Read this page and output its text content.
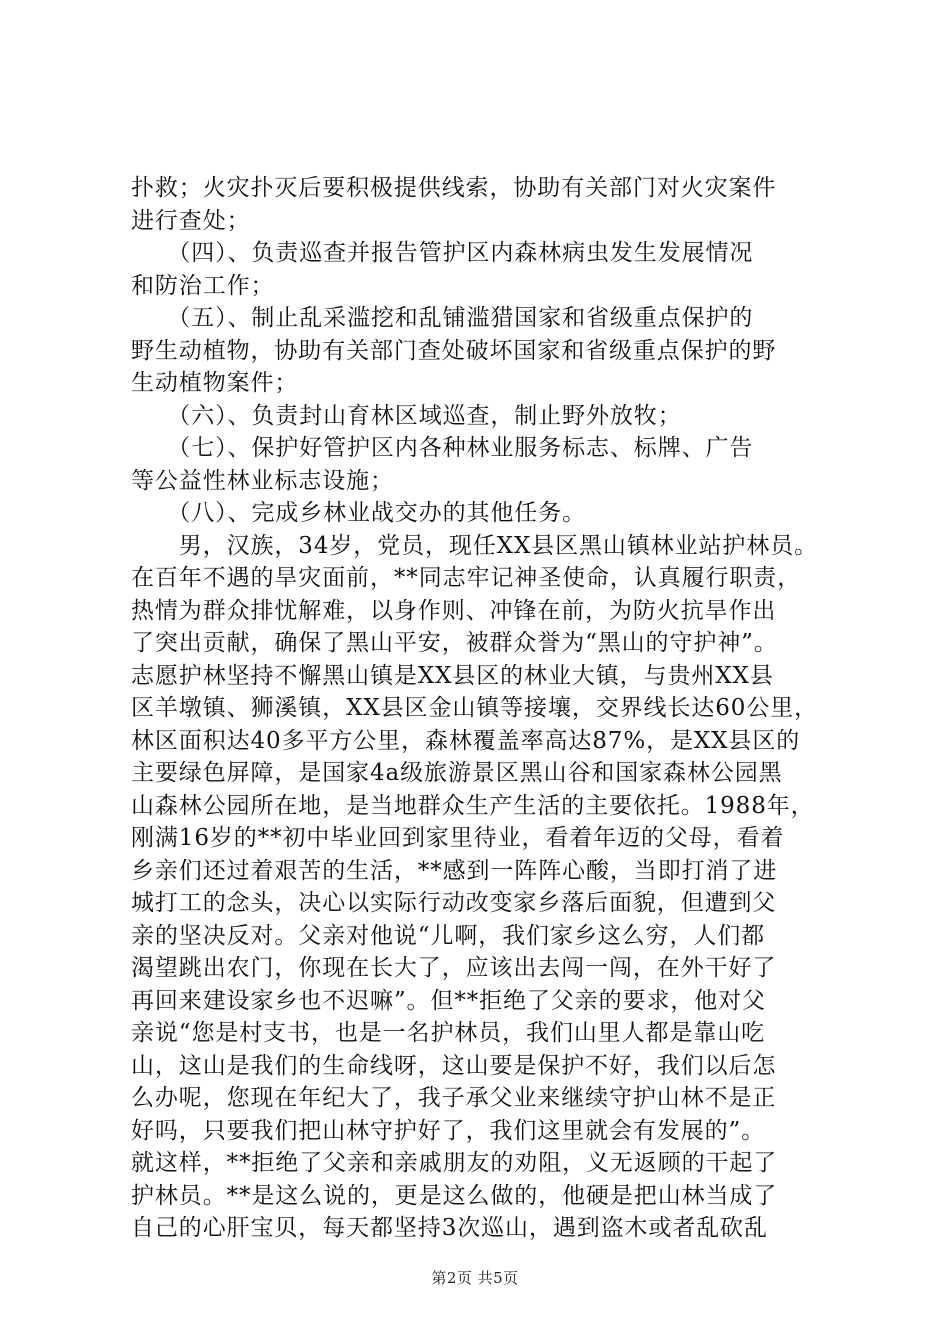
扑救；火灾扑灭后要积极提供线索，协助有关部门对火灾案件
进行查处；
　　（四）、负责巡查并报告管护区内森林病虫发生发展情况
和防治工作；
　　（五）、制止乱采滥挖和乱铺滥猎国家和省级重点保护的
野生动植物，协助有关部门查处破坏国家和省级重点保护的野
生动植物案件；
　　（六）、负责封山育林区域巡查，制止野外放牧；
　　（七）、保护好管护区内各种林业服务标志、标牌、广告
等公益性林业标志设施；
　　（八）、完成乡林业战交办的其他任务。
　　男，汉族，34岁，党员，现任XX县区黑山镇林业站护林员。
在百年不遇的旱灾面前，**同志牢记神圣使命，认真履行职责，
热情为群众排忧解难，以身作则、冲锋在前，为防火抗旱作出
了突出贡献，确保了黑山平安，被群众誉为“黑山的守护神”。
志愿护林坚持不懈黑山镇是XX县区的林业大镇，与贵州XX县
区羊墩镇、狮溪镇，XX县区金山镇等接壤，交界线长达60公里，
林区面积达40多平方公里，森林覆盖率高达87%，是XX县区的
主要绿色屏障，是国家4a级旅游景区黑山谷和国家森林公园黑
山森林公园所在地，是当地群众生产生活的主要依托。1988年，
刚满16岁的**初中毕业回到家里待业，看着年迈的父母，看着
乡亲们还过着艰苦的生活，**感到一阵阵心酸，当即打消了进
城打工的念头，决心以实际行动改变家乡落后面貌，但遭到父
亲的坚决反对。父亲对他说“儿啊，我们家乡这么穷，人们都
渴望跳出农门，你现在长大了，应该出去闯一闯，在外干好了
再回来建设家乡也不迟嘛”。但**拒绝了父亲的要求，他对父
亲说“您是村支书，也是一名护林员，我们山里人都是靠山吃
山，这山是我们的生命线呀，这山要是保护不好，我们以后怎
么办呢，您现在年纪大了，我子承父业来继续守护山林不是正
好吗，只要我们把山林守护好了，我们这里就会有发展的”。
就这样，**拒绝了父亲和亲戚朋友的劝阻，义无返顾的干起了
护林员。**是这么说的，更是这么做的，他硬是把山林当成了
自己的心肝宝贝，每天都坚持3次巡山，遇到盗木或者乱砍乱
第2页 共5页
